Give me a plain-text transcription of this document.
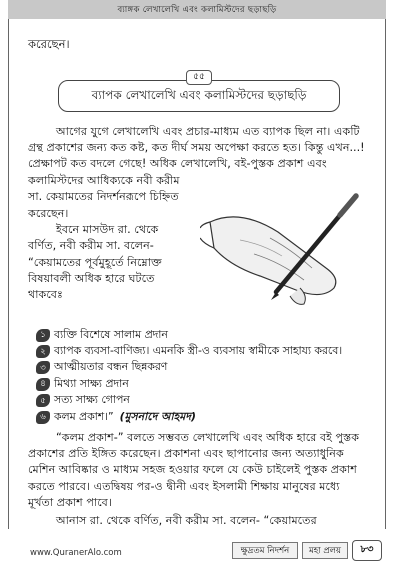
ব্যাঙ্গক লেখালেখি এবং কলামিস্টদের ছড়াছড়ি

করেছেন।

৫৫
ব্যাপক লেখালেখি এবং কলামিস্টদের ছড়াছড়ি
আগের যুগে লেখালেখি এবং প্রচার-মাধ্যম এত ব্যাপক ছিল না। একটি
গ্রন্থ প্রকাশের জন্য কত কষ্ট, কত দীর্ঘ সময় অপেক্ষা করতে হত। কিন্তু এখন...!
প্রেক্ষাপট কত বদলে গেছে! অধিক লেখালেখি, বই-পুস্তক প্রকাশ এবং
কলামিস্টদের আধিক্যকে নবী করীম
সা. কেয়ামতের নিদর্শনরূপে চিহ্নিত
করেছেন।
ইবনে মাসউদ রা. থেকে
বর্ণিত, নবী করীম সা. বলেন-
“কেয়ামতের পূর্বমুহূর্তে নিম্নোক্ত
বিষয়াবলী অধিক হারে ঘটতে
থাকবেঃ
১ ব্যক্তি বিশেষে সালাম প্রদান
২ ব্যাপক ব্যবসা-বাণিজ্য। এমনকি স্ত্রী-ও ব্যবসায় স্বামীকে সাহায্য করবে।
৩ আত্মীয়তার বন্ধন ছিন্নকরণ
৪ মিথ্যা সাক্ষ্য প্রদান
৫ সত্য সাক্ষ্য গোপন
৬ কলম প্রকাশ।” (মুসনাদে আহমদ)
“কলম প্রকাশ-” বলতে সম্ভবত লেখালেখি এবং অধিক হারে বই পুস্তক
প্রকাশের প্রতি ইঙ্গিত করেছেন। প্রকাশনা এবং ছাপানোর জন্য অত্যাধুনিক
মেশিন আবিষ্কার ও মাধ্যম সহজ হওয়ার ফলে যে কেউ চাইলেই পুস্তক প্রকাশ
করতে পারবে। এতদ্বিষয় পর-ও দ্বীনী এবং ইসলামী শিক্ষায় মানুষের মধ্যে
মূর্খতা প্রকাশ পাবে।
আনাস রা. থেকে বর্ণিত, নবী করীম সা. বলেন- “কেয়ামতের
www.QuranerAlo.com	ক্ষুদ্রতম নিদর্শন	মহা প্রলয়	৮৩
